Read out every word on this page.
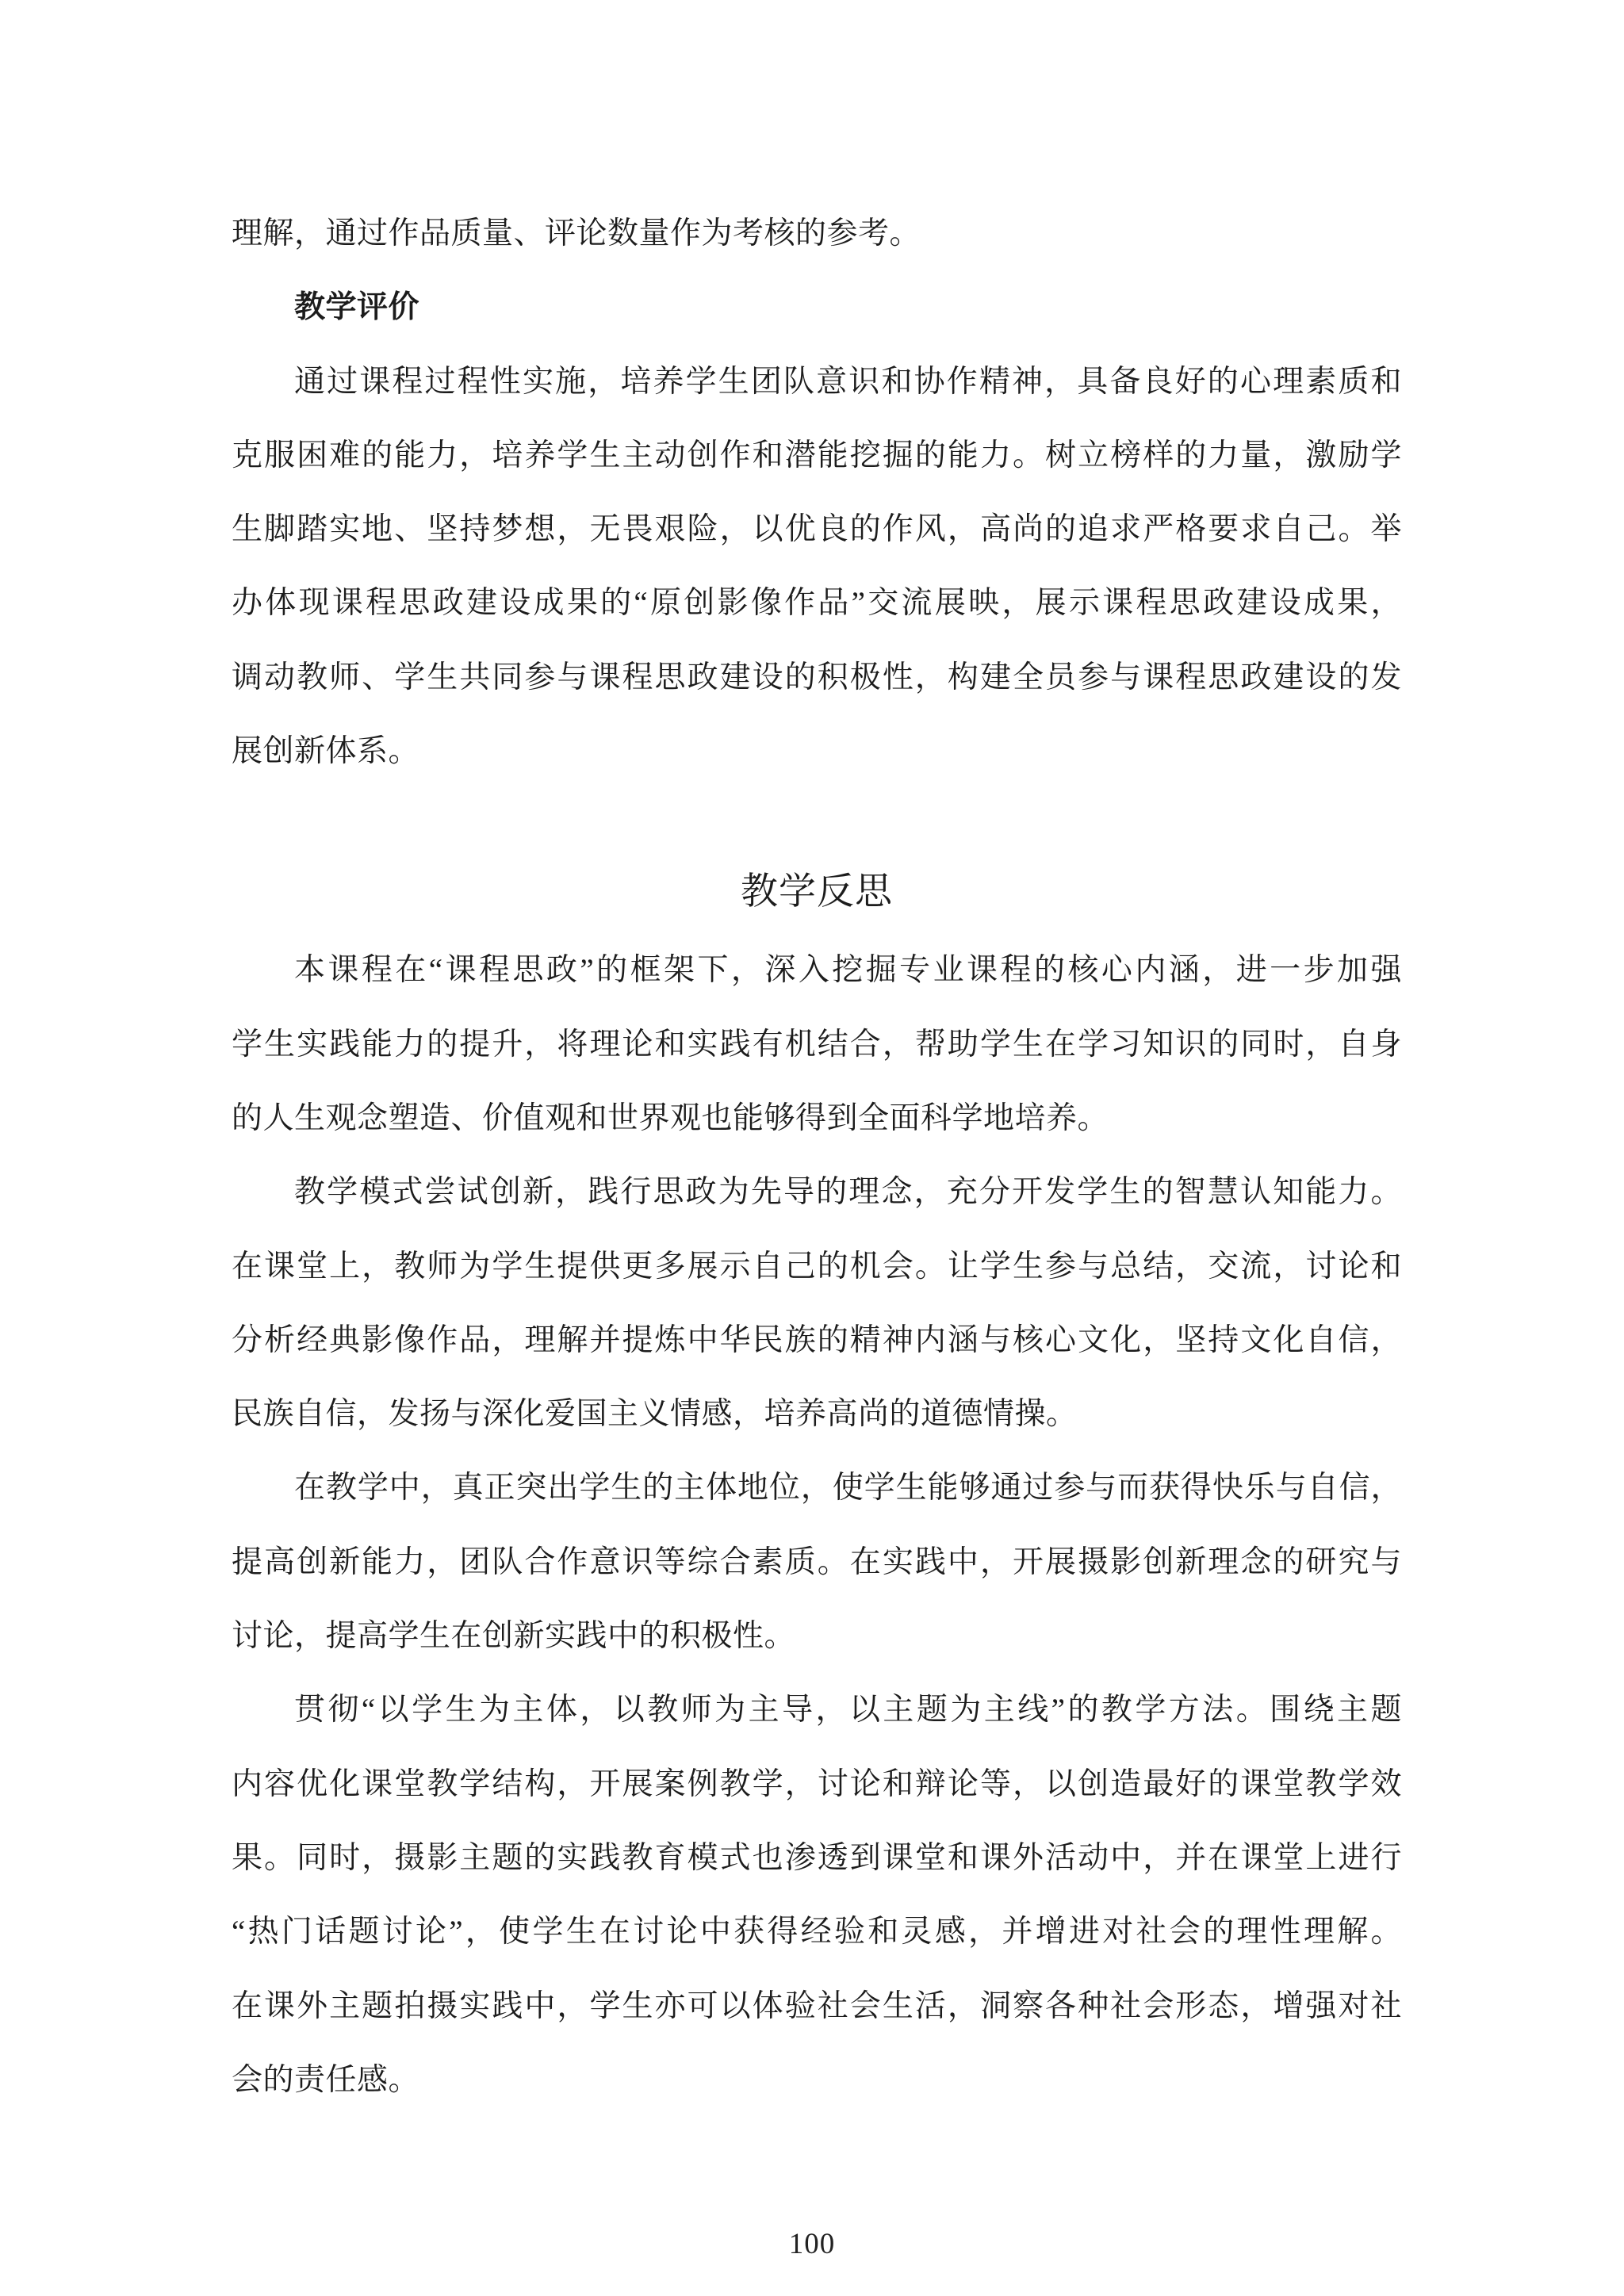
理解，通过作品质量、评论数量作为考核的参考。
教学评价
通过课程过程性实施，培养学生团队意识和协作精神，具备良好的心理素质和
克服困难的能力，培养学生主动创作和潜能挖掘的能力。树立榜样的力量，激励学
生脚踏实地、坚持梦想，无畏艰险，以优良的作风，高尚的追求严格要求自己。举
办体现课程思政建设成果的“原创影像作品”交流展映，展示课程思政建设成果，
调动教师、学生共同参与课程思政建设的积极性，构建全员参与课程思政建设的发
展创新体系。
教学反思
本课程在“课程思政”的框架下，深入挖掘专业课程的核心内涵，进一步加强
学生实践能力的提升，将理论和实践有机结合，帮助学生在学习知识的同时，自身
的人生观念塑造、价值观和世界观也能够得到全面科学地培养。
教学模式尝试创新，践行思政为先导的理念，充分开发学生的智慧认知能力。
在课堂上，教师为学生提供更多展示自己的机会。让学生参与总结，交流，讨论和
分析经典影像作品，理解并提炼中华民族的精神内涵与核心文化，坚持文化自信，
民族自信，发扬与深化爱国主义情感，培养高尚的道德情操。
在教学中，真正突出学生的主体地位，使学生能够通过参与而获得快乐与自信，
提高创新能力，团队合作意识等综合素质。在实践中，开展摄影创新理念的研究与
讨论，提高学生在创新实践中的积极性。
贯彻“以学生为主体，以教师为主导，以主题为主线”的教学方法。围绕主题
内容优化课堂教学结构，开展案例教学，讨论和辩论等，以创造最好的课堂教学效
果。同时，摄影主题的实践教育模式也渗透到课堂和课外活动中，并在课堂上进行
“热门话题讨论”，使学生在讨论中获得经验和灵感，并增进对社会的理性理解。
在课外主题拍摄实践中，学生亦可以体验社会生活，洞察各种社会形态，增强对社
会的责任感。
100
